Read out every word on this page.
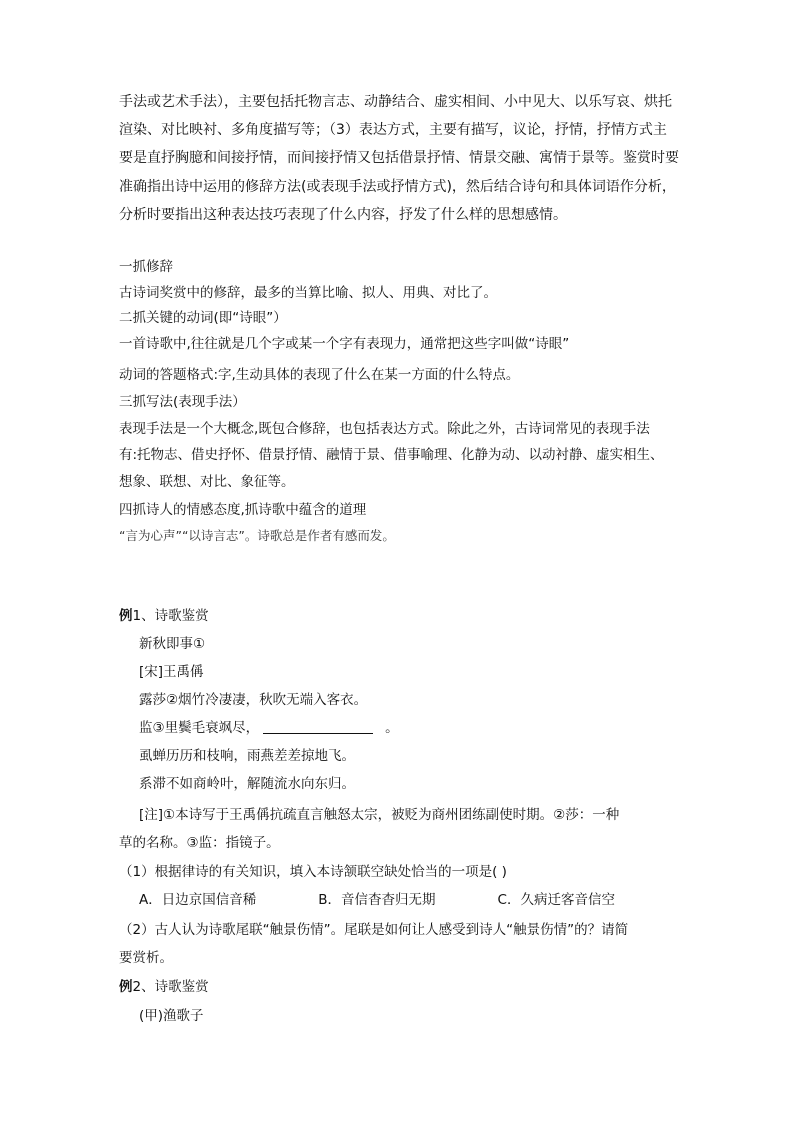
手法或艺术手法），主要包括托物言志、动静结合、虚实相间、小中见大、以乐写哀、烘托
渲染、对比映衬、多角度描写等；（3）表达方式，主要有描写，议论，抒情，抒情方式主
要是直抒胸臆和间接抒情，而间接抒情又包括借景抒情、情景交融、寓情于景等。鉴赏时要
准确指出诗中运用的修辞方法(或表现手法或抒情方式)，然后结合诗句和具体词语作分析，
分析时要指出这种表达技巧表现了什么内容，抒发了什么样的思想感情。
一抓修辞
古诗词奖赏中的修辞，最多的当算比喻、拟人、用典、对比了。
二抓关键的动词(即“诗眼”）
一首诗歌中,往往就是几个字或某一个字有表现力，通常把这些字叫做“诗眼”
动词的答题格式:字,生动具体的表现了什么在某一方面的什么特点。
三抓写法(表现手法）
表现手法是一个大概念,既包合修辞，也包括表达方式。除此之外，古诗词常见的表现手法
有:托物志、借史抒怀、借景抒情、融情于景、借事喻理、化静为动、以动衬静、虚实相生、
想象、联想、对比、象征等。
四抓诗人的情感态度,抓诗歌中蕴含的道理
“言为心声”“以诗言志”。诗歌总是作者有感而发。
例1、诗歌鉴赏
新秋即事①
[宋]王禹偁
露莎②烟竹冷凄凄，秋吹无端入客衣。
监③里鬓毛衰飒尽，	。
虱蝉历历和枝响，雨燕差差掠地飞。
系滞不如商岭叶，解随流水向东归。
[注]①本诗写于王禹偁抗疏直言触怒太宗，被贬为商州团练副使时期。②莎：一种
草的名称。③监：指镜子。
（1）根据律诗的有关知识，填入本诗颔联空缺处恰当的一项是( )
A．日边京国信音稀	B．音信杳杳归无期	C．久病迁客音信空
（2）古人认为诗歌尾联“触景伤情”。尾联是如何让人感受到诗人“触景伤情”的？请简
要赏析。
例2、诗歌鉴赏
(甲)渔歌子
